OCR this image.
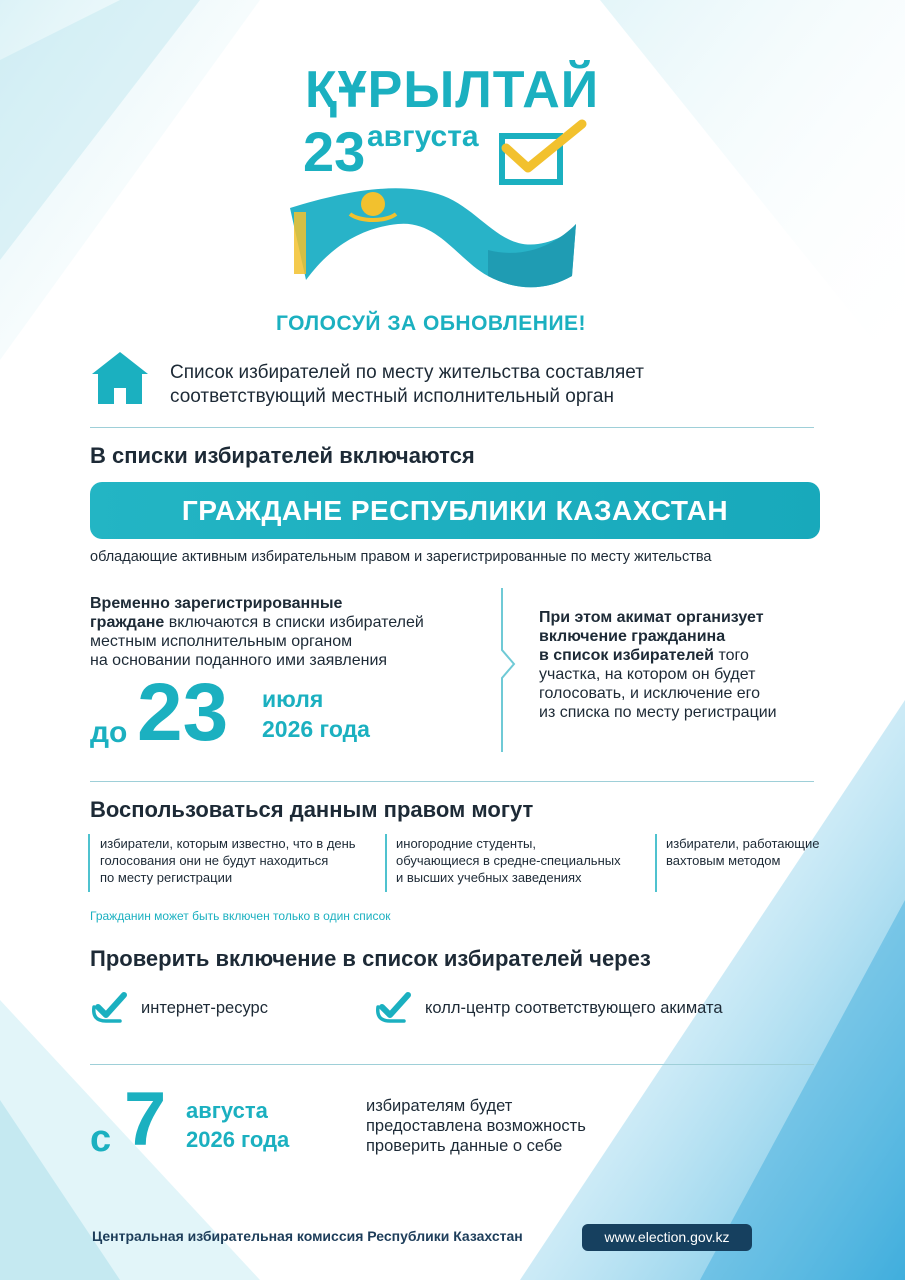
ҚҰРЫЛТАЙ
23 августа
ГОЛОСУЙ ЗА ОБНОВЛЕНИЕ!
Список избирателей по месту жительства составляет
соответствующий местный исполнительный орган
В списки избирателей включаются
ГРАЖДАНЕ РЕСПУБЛИКИ КАЗАХСТАН
обладающие активным избирательным правом и зарегистрированные по месту жительства
Временно зарегистрированные
граждане включаются в списки избирателей
местным исполнительным органом
на основании поданного ими заявления
до 23 июля
2026 года
При этом акимат организует
включение гражданина
в список избирателей того
участка, на котором он будет
голосовать, и исключение его
из списка по месту регистрации
Воспользоваться данным правом могут
избиратели, которым известно, что в день
голосования они не будут находиться
по месту регистрации
иногородние студенты,
обучающиеся в средне-специальных
и высших учебных заведениях
избиратели, работающие
вахтовым методом
Гражданин может быть включен только в один список
Проверить включение в список избирателей через
интернет-ресурс	колл-центр соответствующего акимата
с 7 августа
2026 года
избирателям будет
предоставлена возможность
проверить данные о себе
Центральная избирательная комиссия Республики Казахстан	www.election.gov.kz
